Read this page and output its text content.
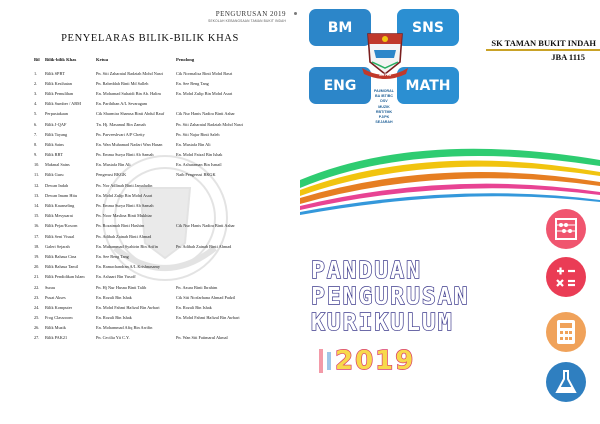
PENGURUSAN 2019
SEKOLAH KEBANGSAAN TAMAN BUKIT INDAH
PENYELARAS BILIK-BILIK KHAS
Bil	Bilik-bilik Khas	Ketua	Penolong
1.	Bilik SPBT	Pn. Siti Zaharatul Radziah Mohd Nasri	Cik Normalisa Binti Mohd Basri
2.	Bilik Kesihatan	Pn. Rabeddah Binti Md Salleh	En. See Beng Tang
3.	Bilik Pemulihan	En. Mohamad Suhaidi Bin Ab. Halim	En. Mohd Zulip Bin Mohd Asari
4.	Bilik Sumber / ABM	En. Parthiban A/L Sevaragam	
5.	Perpustakaan	Cik Sharmira Shamsa Binti Abdul Rauf	Cik Nur Hanis Nadira Binti Azhar
6.	Bilik J-QAF	Tn. Hj. Masamul Bin Zamah	Pn. Siti Zaharatul Radziah Mohd Nasri
7.	Bilik Tayang	Pn. Parveeshvari A/P Chetty	Pn. Siti Najar Binti Saleh
8.	Bilik Sains	En. Wan Muhamad Nadzri Wan Hasan	En. Mustafa Bin Ali
9.	Bilik RBT	Pn. Emma Surya Binti Ab Samah	En. Mohd Faizal Bin Ishak
10.	Makmal Sains	En. Mustafa Bin Ali	En. Ashuraman Bin Ismail
11.	Bilik Guru	Pengerusi BKGK	Naib Pengerusi BKGK
12.	Dewan Indah	Pn. Nor Adlinah Binti Jamaludin	
13.	Dewan Imam Hitu	En. Mohd Zulip Bin Mohd Asari	
14.	Bilik Kaunseling	Pn. Emma Surya Binti Ab Samah	
15.	Bilik Mesyuarat	Pn. Noor Maslina Binti Mukhtar	
16.	Bilik Pejar/Kosorn	Pn. Rozaimah Binti Hashim	Cik Nur Hanis Nadira Binti Azhar
17.	Bilik Seni Visual	Pn. Adibah Zainab Binti Ahmad	
18.	Galeri Sejarah	En. Muhammad Syahirin Bin Arifin	Pn. Adibah Zainab Binti Ahmad
19.	Bilik Bahasa Cina	En. See Beng Tang	
20.	Bilik Bahasa Tamil	En. Ramachandran A/L Krishnasamy	
21.	Bilik Pendidikan Islam	En. Ashaari Bin Yusoff	
22.	Surau	Pn. Hj Nur Husna Binti Talib	Pn. Azura Binti Ibrahim
23.	Pusat Akses	En. Rozali Bin Ishak	Cik Siti Norfarhana Ahmad Padzil
24.	Bilik Komputer	En. Mohd Fahmi Hafizal Bin Awbari	En. Rozali Bin Ishak
25.	Frog Classroom	En. Rozali Bin Ishak	En. Mohd Fahmi Hafizal Bin Awbari
26.	Bilik Muzik	En. Mohammad Afiq Bin Arrifin	
27.	Bilik PAK21	Pn. Cecilia Yii C.Y.	Pn. Wan Siti Fatimarul Akmal
BM	SNS
ENG	MATH
SKTBI
PAI/MORAL
BA /BT/BC
DSV
MUZIK
RBT/TMK
PJ/PK
SEJARAH
SK TAMAN BUKIT INDAH
JBA 1115
PANDUAN
PENGURUSAN
KURIKULUM
2019
